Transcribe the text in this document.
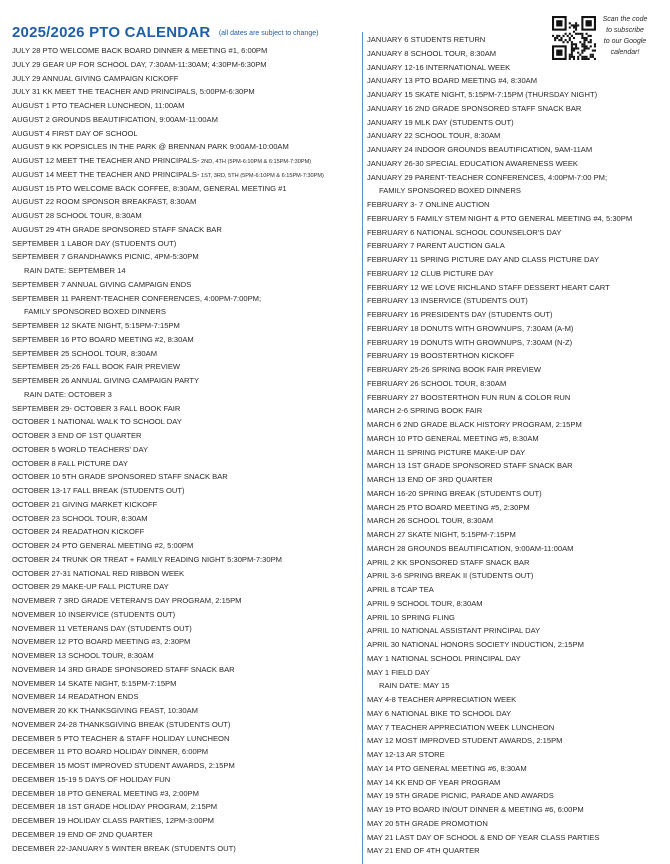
2025/2026 PTO CALENDAR (all dates are subject to change)
JULY 28 PTO WELCOME BACK BOARD DINNER & MEETING #1, 6:00PM
JULY 29 GEAR UP FOR SCHOOL DAY, 7:30AM-11:30AM; 4:30PM-6:30PM
JULY 29 ANNUAL GIVING CAMPAIGN KICKOFF
JULY 31 KK MEET THE TEACHER AND PRINCIPALS, 5:00PM-6:30PM
AUGUST 1 PTO TEACHER LUNCHEON, 11:00AM
AUGUST 2 GROUNDS BEAUTIFICATION, 9:00AM-11:00AM
AUGUST 4 FIRST DAY OF SCHOOL
AUGUST 9 KK POPSICLES IN THE PARK @ BRENNAN PARK 9:00AM-10:00AM
AUGUST 12 MEET THE TEACHER AND PRINCIPALS- 2ND, 4TH (5PM-6:10PM & 6:15PM-7:30PM)
AUGUST 14 MEET THE TEACHER AND PRINCIPALS- 1ST, 3RD, 5TH (5PM-6:10PM & 6:15PM-7:30PM)
AUGUST 15 PTO WELCOME BACK COFFEE, 8:30AM, GENERAL MEETING #1
AUGUST 22 ROOM SPONSOR BREAKFAST, 8:30AM
AUGUST 28 SCHOOL TOUR, 8:30AM
AUGUST 29 4TH GRADE SPONSORED STAFF SNACK BAR
SEPTEMBER 1 LABOR DAY (STUDENTS OUT)
SEPTEMBER 7 GRANDHAWKS PICNIC, 4PM-5:30PM
RAIN DATE: SEPTEMBER 14
SEPTEMBER 7 ANNUAL GIVING CAMPAIGN ENDS
SEPTEMBER 11 PARENT-TEACHER CONFERENCES, 4:00PM-7:00PM;
FAMILY SPONSORED BOXED DINNERS
SEPTEMBER 12 SKATE NIGHT, 5:15PM-7:15PM
SEPTEMBER 16 PTO BOARD MEETING #2, 8:30AM
SEPTEMBER 25 SCHOOL TOUR, 8:30AM
SEPTEMBER 25-26 FALL BOOK FAIR PREVIEW
SEPTEMBER 26 ANNUAL GIVING CAMPAIGN PARTY
RAIN DATE: OCTOBER 3
SEPTEMBER 29- OCTOBER 3 FALL BOOK FAIR
OCTOBER 1 NATIONAL WALK TO SCHOOL DAY
OCTOBER 3 END OF 1ST QUARTER
OCTOBER 5 WORLD TEACHERS' DAY
OCTOBER 8 FALL PICTURE DAY
OCTOBER 10 5TH GRADE SPONSORED STAFF SNACK BAR
OCTOBER 13-17 FALL BREAK (STUDENTS OUT)
OCTOBER 21 GIVING MARKET KICKOFF
OCTOBER 23 SCHOOL TOUR, 8:30AM
OCTOBER 24 READATHON KICKOFF
OCTOBER 24 PTO GENERAL MEETING #2, 5:00PM
OCTOBER 24 TRUNK OR TREAT + FAMILY READING NIGHT 5:30PM-7:30PM
OCTOBER 27-31 NATIONAL RED RIBBON WEEK
OCTOBER 29 MAKE-UP FALL PICTURE DAY
NOVEMBER 7 3RD GRADE VETERAN'S DAY PROGRAM, 2:15PM
NOVEMBER 10 INSERVICE (STUDENTS OUT)
NOVEMBER 11 VETERANS DAY (STUDENTS OUT)
NOVEMBER 12 PTO BOARD MEETING #3, 2:30PM
NOVEMBER 13 SCHOOL TOUR, 8:30AM
NOVEMBER 14 3RD GRADE SPONSORED STAFF SNACK BAR
NOVEMBER 14 SKATE NIGHT, 5:15PM-7:15PM
NOVEMBER 14 READATHON ENDS
NOVEMBER 20 KK THANKSGIVING FEAST, 10:30AM
NOVEMBER 24-28 THANKSGIVING BREAK (STUDENTS OUT)
DECEMBER 5 PTO TEACHER & STAFF HOLIDAY LUNCHEON
DECEMBER 11 PTO BOARD HOLIDAY DINNER, 6:00PM
DECEMBER 15 MOST IMPROVED STUDENT AWARDS, 2:15PM
DECEMBER 15-19 5 DAYS OF HOLIDAY FUN
DECEMBER 18 PTO GENERAL MEETING #3, 2:00PM
DECEMBER 18 1ST GRADE HOLIDAY PROGRAM, 2:15PM
DECEMBER 19 HOLIDAY CLASS PARTIES, 12PM-3:00PM
DECEMBER 19 END OF 2ND QUARTER
DECEMBER 22-JANUARY 5 WINTER BREAK (STUDENTS OUT)
JANUARY 6 STUDENTS RETURN
JANUARY 8 SCHOOL TOUR, 8:30AM
JANUARY 12-16 INTERNATIONAL WEEK
JANUARY 13 PTO BOARD MEETING #4, 8:30AM
JANUARY 15 SKATE NIGHT, 5:15PM-7:15PM (THURSDAY NIGHT)
JANUARY 16 2ND GRADE SPONSORED STAFF SNACK BAR
JANUARY 19 MLK DAY (STUDENTS OUT)
JANUARY 22 SCHOOL TOUR, 8:30AM
JANUARY 24 INDOOR GROUNDS BEAUTIFICATION, 9AM-11AM
JANUARY 26-30 SPECIAL EDUCATION AWARENESS WEEK
JANUARY 29 PARENT-TEACHER CONFERENCES, 4:00PM-7:00 PM;
FAMILY SPONSORED BOXED DINNERS
FEBRUARY 3- 7 ONLINE AUCTION
FEBRUARY 5 FAMILY STEM NIGHT & PTO GENERAL MEETING #4, 5:30PM
FEBRUARY 6 NATIONAL SCHOOL COUNSELOR'S DAY
FEBRUARY 7 PARENT AUCTION GALA
FEBRUARY 11 SPRING PICTURE DAY AND CLASS PICTURE DAY
FEBRUARY 12 CLUB PICTURE DAY
FEBRUARY 12 WE LOVE RICHLAND STAFF DESSERT HEART CART
FEBRUARY 13 INSERVICE (STUDENTS OUT)
FEBRUARY 16 PRESIDENTS DAY (STUDENTS OUT)
FEBRUARY 18 DONUTS WITH GROWNUPS, 7:30AM (A-M)
FEBRUARY 19 DONUTS WITH GROWNUPS, 7:30AM (N-Z)
FEBRUARY 19 BOOSTERTHON KICKOFF
FEBRUARY 25-26 SPRING BOOK FAIR PREVIEW
FEBRUARY 26 SCHOOL TOUR, 8:30AM
FEBRUARY 27 BOOSTERTHON FUN RUN & COLOR RUN
MARCH 2-6 SPRING BOOK FAIR
MARCH 6 2ND GRADE BLACK HISTORY PROGRAM, 2:15PM
MARCH 10 PTO GENERAL MEETING #5, 8:30AM
MARCH 11 SPRING PICTURE MAKE-UP DAY
MARCH 13 1ST GRADE SPONSORED STAFF SNACK BAR
MARCH 13 END OF 3RD QUARTER
MARCH 16-20 SPRING BREAK (STUDENTS OUT)
MARCH 25 PTO BOARD MEETING #5, 2:30PM
MARCH 26 SCHOOL TOUR, 8:30AM
MARCH 27 SKATE NIGHT, 5:15PM-7:15PM
MARCH 28 GROUNDS BEAUTIFICATION, 9:00AM-11:00AM
APRIL 2 KK SPONSORED STAFF SNACK BAR
APRIL 3-6 SPRING BREAK II (STUDENTS OUT)
APRIL 8 TCAP TEA
APRIL 9 SCHOOL TOUR, 8:30AM
APRIL 10 SPRING FLING
APRIL 10 NATIONAL ASSISTANT PRINCIPAL DAY
APRIL 30 NATIONAL HONORS SOCIETY INDUCTION, 2:15PM
MAY 1 NATIONAL SCHOOL PRINCIPAL DAY
MAY 1 FIELD DAY
RAIN DATE: MAY 15
MAY 4-8 TEACHER APPRECIATION WEEK
MAY 6 NATIONAL BIKE TO SCHOOL DAY
MAY 7 TEACHER APPRECIATION WEEK LUNCHEON
MAY 12 MOST IMPROVED STUDENT AWARDS, 2:15PM
MAY 12-13 AR STORE
MAY 14 PTO GENERAL MEETING #6, 8:30AM
MAY 14 KK END OF YEAR PROGRAM
MAY 19 5TH GRADE PICNIC, PARADE AND AWARDS
MAY 19 PTO BOARD IN/OUT DINNER & MEETING #6, 6:00PM
MAY 20 5TH GRADE PROMOTION
MAY 21 LAST DAY OF SCHOOL & END OF YEAR CLASS PARTIES
MAY 21 END OF 4TH QUARTER
Scan the code
to subscribe
to our Google
calendar!
